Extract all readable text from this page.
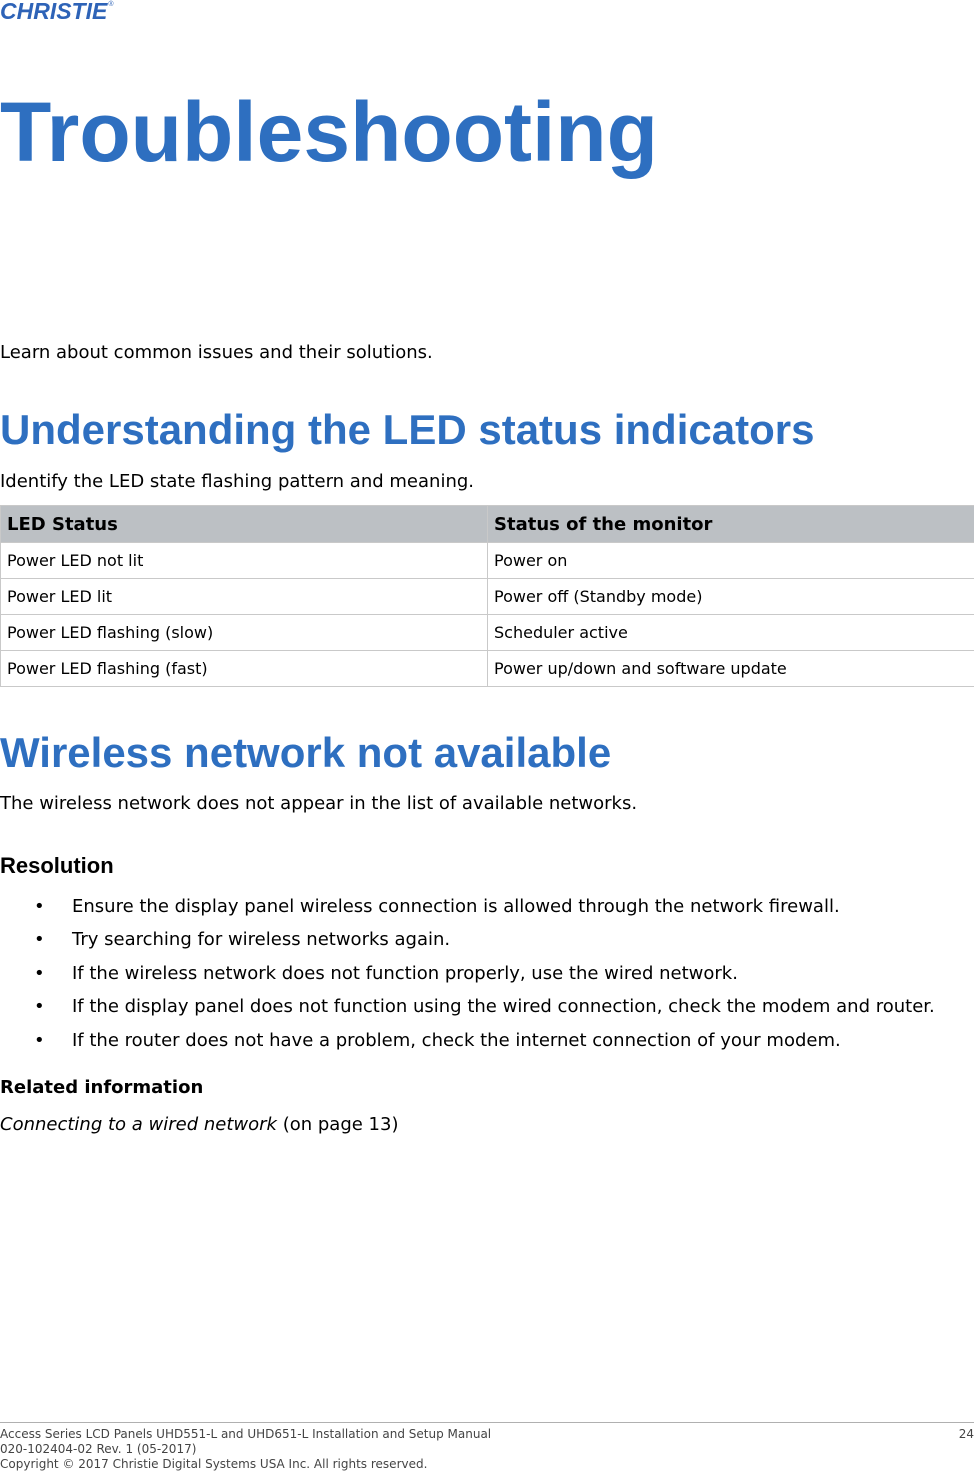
CHRISTIE ®
Troubleshooting

Learn about common issues and their solutions.

Understanding the LED status indicators

Identify the LED state flashing pattern and meaning.

LED Status	Status of the monitor
Power LED not lit	Power on
Power LED lit	Power off (Standby mode)
Power LED flashing (slow)	Scheduler active
Power LED flashing (fast)	Power up/down and software update
Wireless network not available

The wireless network does not appear in the list of available networks.

Resolution
• Ensure the display panel wireless connection is allowed through the network firewall.
• Try searching for wireless networks again.
• If the wireless network does not function properly, use the wired network.
• If the display panel does not function using the wired connection, check the modem and router.
• If the router does not have a problem, check the internet connection of your modem.

Related information

Connecting to a wired network (on page 13)

Access Series LCD Panels UHD551-L and UHD651-L Installation and Setup Manual
020-102404-02 Rev. 1 (05-2017)
Copyright © 2017 Christie Digital Systems USA Inc. All rights reserved.
24
